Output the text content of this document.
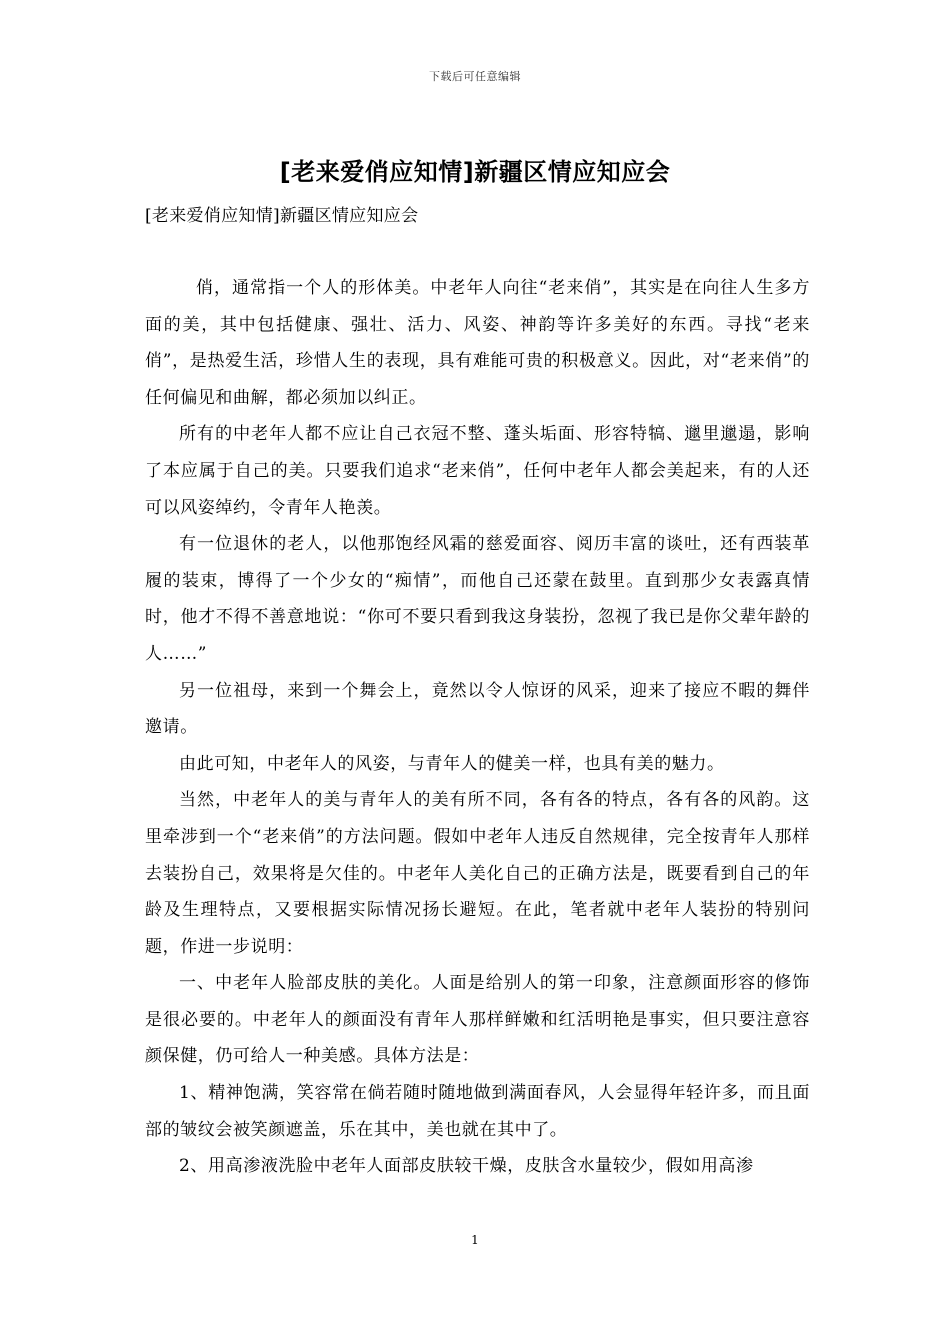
下载后可任意编辑
[老来爱俏应知情]新疆区情应知应会
[老来爱俏应知情]新疆区情应知应会

俏，通常指一个人的形体美。中老年人向往“老来俏”，其实是在向往人生多方面的美，其中包括健康、强壮、活力、风姿、神韵等许多美好的东西。寻找“老来俏”，是热爱生活，珍惜人生的表现，具有难能可贵的积极意义。因此，对“老来俏”的任何偏见和曲解，都必须加以纠正。

所有的中老年人都不应让自己衣冠不整、蓬头垢面、形容特犒、邋里邋遢，影响了本应属于自己的美。只要我们追求“老来俏”，任何中老年人都会美起来，有的人还可以风姿绰约，令青年人艳羡。

有一位退休的老人，以他那饱经风霜的慈爱面容、阅历丰富的谈吐，还有西装革履的装束，博得了一个少女的“痴情”，而他自己还蒙在鼓里。直到那少女表露真情时，他才不得不善意地说：“你可不要只看到我这身装扮，忽视了我已是你父辈年龄的人……”

另一位祖母，来到一个舞会上，竟然以令人惊讶的风采，迎来了接应不暇的舞伴邀请。

由此可知，中老年人的风姿，与青年人的健美一样，也具有美的魅力。

当然，中老年人的美与青年人的美有所不同，各有各的特点，各有各的风韵。这里牵涉到一个“老来俏”的方法问题。假如中老年人违反自然规律，完全按青年人那样去装扮自己，效果将是欠佳的。中老年人美化自己的正确方法是，既要看到自己的年龄及生理特点，又要根据实际情况扬长避短。在此，笔者就中老年人装扮的特别问题，作进一步说明：

一、中老年人脸部皮肤的美化。人面是给别人的第一印象，注意颜面形容的修饰是很必要的。中老年人的颜面没有青年人那样鲜嫩和红活明艳是事实，但只要注意容颜保健，仍可给人一种美感。具体方法是：

1、精神饱满，笑容常在倘若随时随地做到满面春风，人会显得年轻许多，而且面部的皱纹会被笑颜遮盖，乐在其中，美也就在其中了。

2、用高渗液洗脸中老年人面部皮肤较干燥，皮肤含水量较少，假如用高渗

1
